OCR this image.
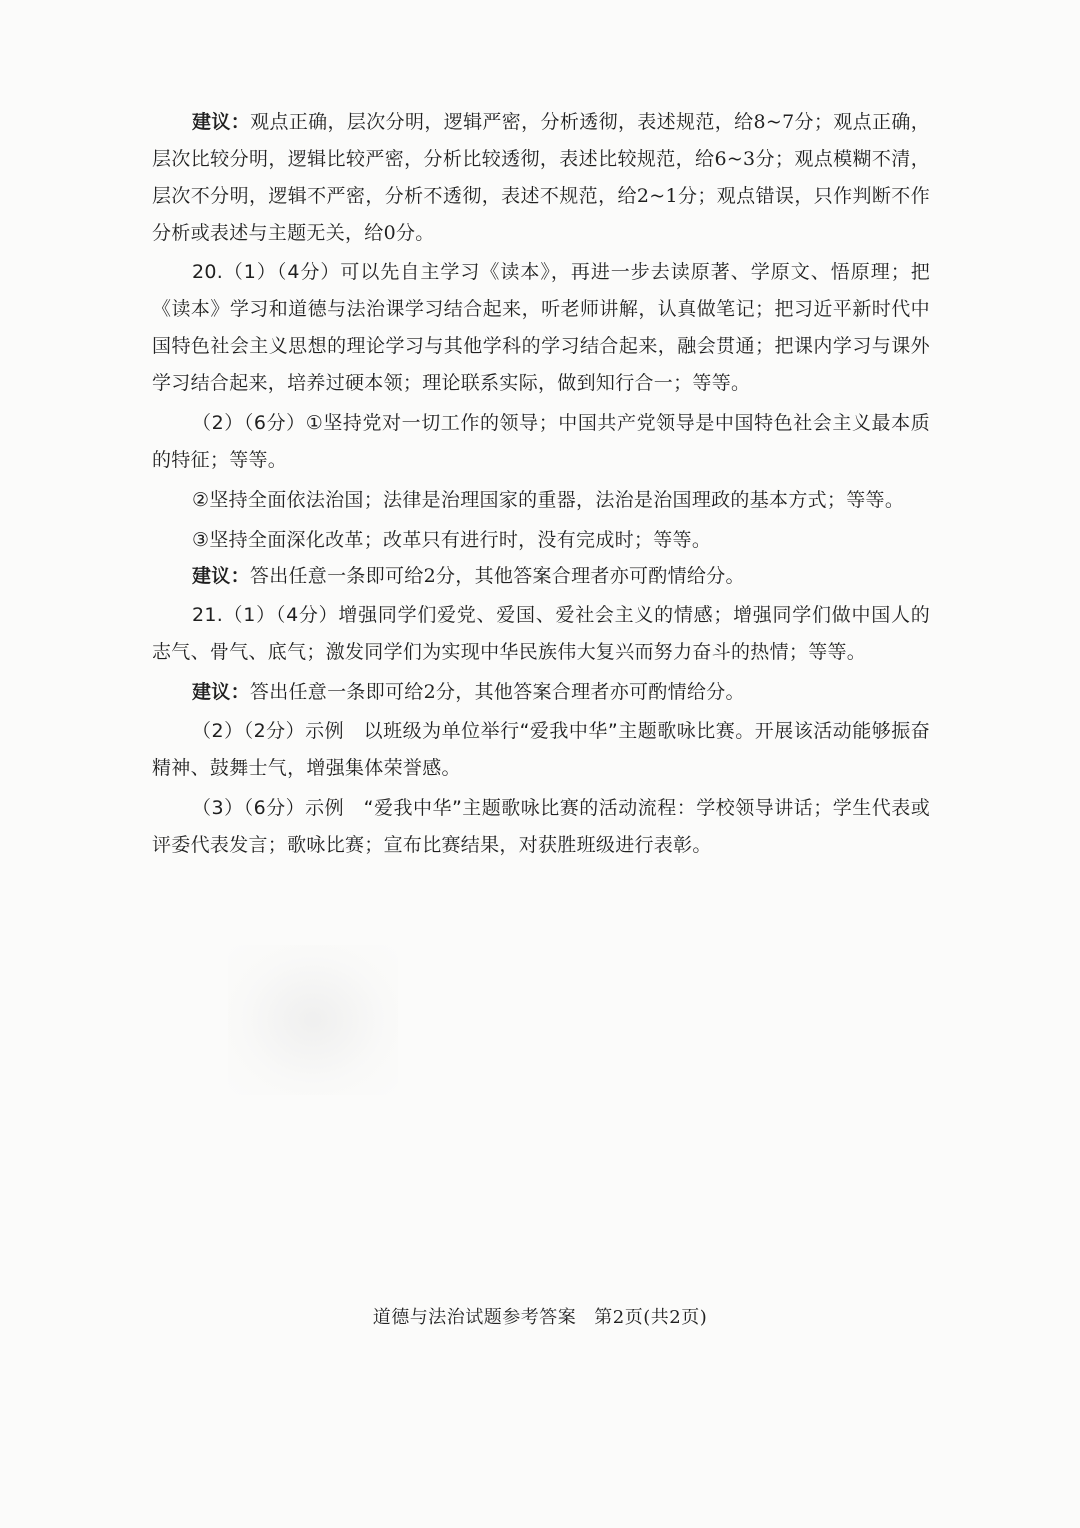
建议：观点正确，层次分明，逻辑严密，分析透彻，表述规范，给8~7分；观点正确，层次比较分明，逻辑比较严密，分析比较透彻，表述比较规范，给6~3分；观点模糊不清，层次不分明，逻辑不严密，分析不透彻，表述不规范，给2~1分；观点错误，只作判断不作分析或表述与主题无关，给0分。

20.（1）（4分）可以先自主学习《读本》，再进一步去读原著、学原文、悟原理；把《读本》学习和道德与法治课学习结合起来，听老师讲解，认真做笔记；把习近平新时代中国特色社会主义思想的理论学习与其他学科的学习结合起来，融会贯通；把课内学习与课外学习结合起来，培养过硬本领；理论联系实际，做到知行合一；等等。

（2）（6分）①坚持党对一切工作的领导；中国共产党领导是中国特色社会主义最本质的特征；等等。

②坚持全面依法治国；法律是治理国家的重器，法治是治国理政的基本方式；等等。

③坚持全面深化改革；改革只有进行时，没有完成时；等等。

建议：答出任意一条即可给2分，其他答案合理者亦可酌情给分。

21.（1）（4分）增强同学们爱党、爱国、爱社会主义的情感；增强同学们做中国人的志气、骨气、底气；激发同学们为实现中华民族伟大复兴而努力奋斗的热情；等等。

建议：答出任意一条即可给2分，其他答案合理者亦可酌情给分。

（2）（2分）示例　以班级为单位举行“爱我中华”主题歌咏比赛。开展该活动能够振奋精神、鼓舞士气，增强集体荣誉感。

（3）（6分）示例　“爱我中华”主题歌咏比赛的活动流程：学校领导讲话；学生代表或评委代表发言；歌咏比赛；宣布比赛结果，对获胜班级进行表彰。

道德与法治试题参考答案 第2页(共2页)
